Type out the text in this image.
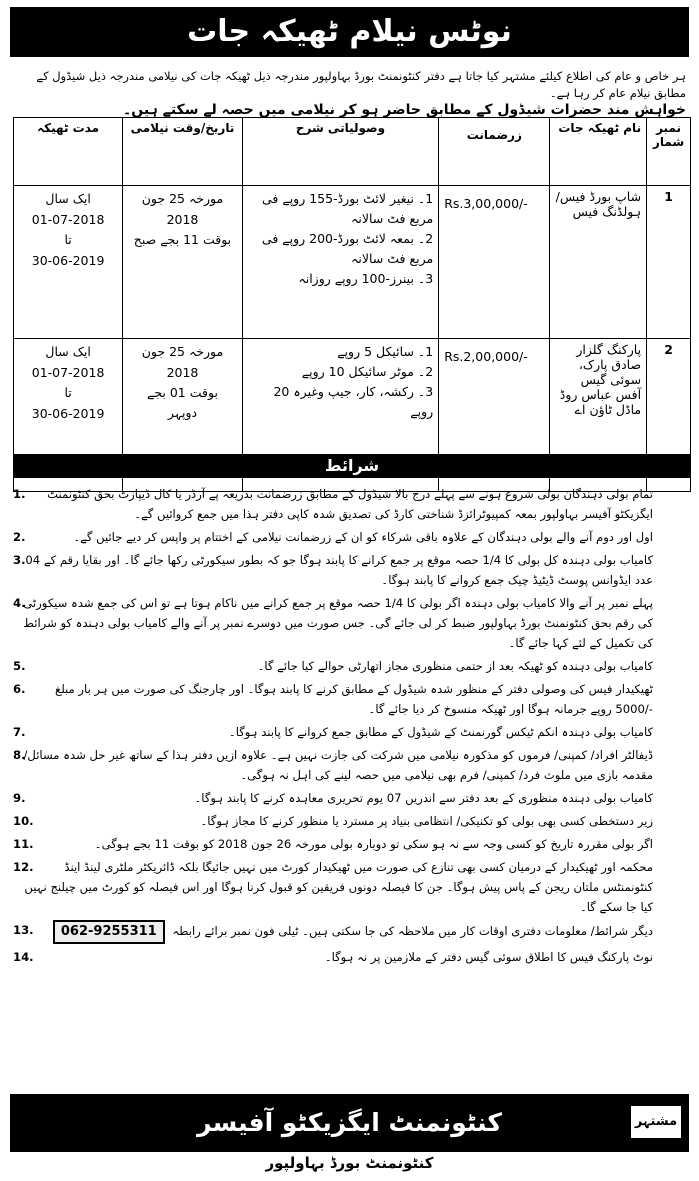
نوٹس نیلام ٹھیکہ جات
ہر خاص و عام کی اطلاع کیلئے مشتہر کیا جاتا ہے دفتر کنٹونمنٹ بورڈ بہاولپور مندرجہ ذیل ٹھیکہ جات کی نیلامی مندرجہ ذیل شیڈول کے مطابق نیلام عام کر رہا ہے۔
خواہش مند حضرات شیڈول کے مطابق حاضر ہو کر نیلامی میں حصہ لے سکتے ہیں۔
نمبر شمار	نام ٹھیکہ جات	زرضمانت	وصولیاتی شرح	تاریخ/وقت نیلامی	مدت ٹھیکہ
1	شاپ بورڈ فیس/ ہولڈنگ فیس	Rs.3,00,000/-	1۔ نیغیر لائٹ بورڈ-155 روپے فی مربع فٹ سالانہ
2۔ بمعہ لائٹ بورڈ-200 روپے فی مربع فٹ سالانہ
3۔ بینرز-100 روپے روزانہ	مورخہ 25 جون
2018
بوقت 11 بجے صبح	ایک سال
01-07-2018
تا
30-06-2019

2	پارکنگ گلزار صادق پارک، سوئی گیس آفس عباس روڈ ماڈل ٹاؤن اے	Rs.2,00,000/-	1۔ سائیکل 5 روپے
2۔ موٹر سائیکل 10 روپے
3۔ رکشہ، کار، جیپ وغیرہ 20 روپے	مورخہ 25 جون
2018
بوقت 01 بجے
دوپہر	ایک سال
01-07-2018
تا
30-06-2019
شرائط
1.	تمام بولی دہندگان بولی شروع ہونے سے پہلے درج بالا شیڈول کے مطابق زرضمانت بذریعہ پے آرڈر یا کال ڈیپازٹ بحق کنٹونمنٹ ایگزیکٹو آفیسر بہاولپور بمعہ کمپیوٹرائزڈ شناختی کارڈ کی تصدیق شدہ کاپی دفتر ہذا میں جمع کروائیں گے۔
2.	اول اور دوم آنے والے بولی دہندگان کے علاوہ باقی شرکاء کو ان کے زرضمانت نیلامی کے اختتام پر واپس کر دیے جائیں گے۔
3. کامیاب بولی دہندہ کل بولی کا 1/4 حصہ موقع پر جمع کرانے کا پابند ہوگا جو کہ بطور سیکورٹی رکھا جائے گا۔ اور بقایا رقم کے 04 عدد ایڈوانس پوسٹ ڈیٹیڈ چیک جمع کروانے کا پابند ہوگا۔
4.
پہلے نمبر پر آنے والا کامیاب بولی دہندہ اگر بولی کا 1/4 حصہ موقع پر جمع کرانے میں ناکام ہوتا ہے تو اس کی جمع شدہ سیکورٹی کی رقم بحق کنٹونمنٹ بورڈ بہاولپور ضبط کر لی جائے گی۔ جس صورت میں دوسرے نمبر پر آنے والے کامیاب بولی دہندہ کو شرائط کی تکمیل کے لئے کہا جائے گا۔
5.	کامیاب بولی دہندہ کو ٹھیکہ بعد از حتمی منظوری مجاز اتھارٹی حوالے کیا جائے گا۔
6.	ٹھیکیدار فیس کی وصولی دفتر کے منظور شدہ شیڈول کے مطابق کرنے کا پابند ہوگا۔ اور چارجنگ کی صورت میں ہر بار مبلغ -/5000 روپے جرمانہ ہوگا اور ٹھیکہ منسوخ کر دیا جائے گا۔
7.	کامیاب بولی دہندہ انکم ٹیکس گورنمنٹ کے شیڈول کے مطابق جمع کروانے کا پابند ہوگا۔
8.
ڈیفالٹر افراد/ کمپنی/ فرموں کو مذکورہ نیلامی میں شرکت کی جازت نہیں ہے۔ علاوہ ازیں دفتر ہذا کے ساتھ غیر حل شدہ مسائل/ مقدمہ بازی میں ملوث فرد/ کمپنی/ فرم بھی نیلامی میں حصہ لینے کی اہل نہ ہوگی۔
9.	کامیاب بولی دہندہ منظوری کے بعد دفتر سے اندریں 07 یوم تحریری معاہدہ کرنے کا پابند ہوگا۔
10.	زیر دستخطی کسی بھی بولی کو تکنیکی/ انتظامی بنیاد پر مسترد یا منظور کرنے کا مجاز ہوگا۔
11.	اگر بولی مقررہ تاریخ کو کسی وجہ سے نہ ہو سکی تو دوبارہ بولی مورخہ 26 جون 2018 کو بوقت 11 بجے ہوگی۔
12.	محکمہ اور ٹھیکیدار کے درمیان کسی بھی تنازع کی صورت میں ٹھیکیدار کورٹ میں نہیں جائیگا بلکہ ڈائریکٹر ملٹری لینڈ اینڈ کنٹونمنٹس ملتان ریجن کے پاس پیش ہوگا۔ جن کا فیصلہ دونوں فریقین کو قبول کرنا ہوگا اور اس فیصلہ کو کورٹ میں چیلنج نہیں کیا جا سکے گا۔
13.	دیگر شرائط/ معلومات دفتری اوقات کار میں ملاحظہ کی جا سکتی ہیں۔ ٹیلی فون نمبر برائے رابطہ 062-9255311
14.	نوٹ پارکنگ فیس کا اطلاق سوئی گیس دفتر کے ملازمین پر نہ ہوگا۔
مشتہر
کنٹونمنٹ ایگزیکٹو آفیسر
کنٹونمنٹ بورڈ بہاولپور
